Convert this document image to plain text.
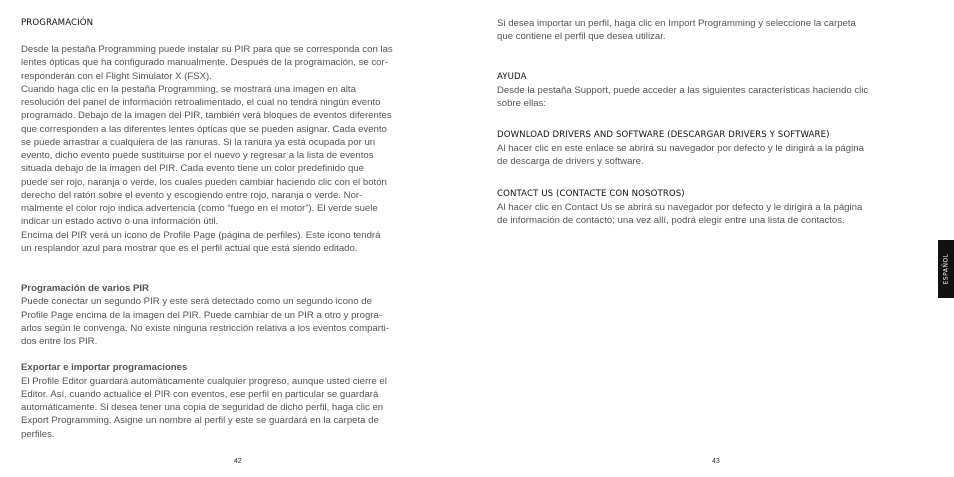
PROGRAMACIÓN

Desde la pestaña Programming puede instalar su PIR para que se corresponda con las
lentes ópticas que ha configurado manualmente. Después de la programación, se cor-
responderán con el Flight Simulator X (FSX).
Cuando haga clic en la pestaña Programming, se mostrará una imagen en alta
resolución del panel de información retroalimentado, el cual no tendrá ningún evento
programado. Debajo de la imagen del PIR, también verá bloques de eventos diferentes
que corresponden a las diferentes lentes ópticas que se pueden asignar. Cada evento
se puede arrastrar a cualquiera de las ranuras. Si la ranura ya está ocupada por un
evento, dicho evento puede sustituirse por el nuevo y regresar a la lista de eventos
situada debajo de la imagen del PIR. Cada evento tiene un color predefinido que
puede ser rojo, naranja o verde, los cuales pueden cambiar haciendo clic con el botón
derecho del ratón sobre el evento y escogiendo entre rojo, naranja o verde. Nor-
malmente el color rojo indica advertencia (como “fuego en el motor”). El verde suele
indicar un estado activo o una información útil.
Encima del PIR verá un icono de Profile Page (página de perfiles). Este icono tendrá
un resplandor azul para mostrar que es el perfil actual que está siendo editado.

Programación de varios PIR

Puede conectar un segundo PIR y este será detectado como un segundo icono de
Profile Page encima de la imagen del PIR. Puede cambiar de un PIR a otro y progra-
arlos según le convenga. No existe ninguna restricción relativa a los eventos comparti-
dos entre los PIR.

Exportar e importar programaciones

El Profile Editor guardará automáticamente cualquier progreso, aunque usted cierre el
Editor. Así, cuando actualice el PIR con eventos, ese perfil en particular se guardará
automáticamente. Si desea tener una copia de seguridad de dicho perfil, haga clic en
Export Programming. Asigne un nombre al perfil y este se guardará en la carpeta de
perfiles.

42

Si desea importar un perfil, haga clic en Import Programming y seleccione la carpeta
que contiene el perfil que desea utilizar.

AYUDA

Desde la pestaña Support, puede acceder a las siguientes características haciendo clic
sobre ellas:

DOWNLOAD DRIVERS AND SOFTWARE (DESCARGAR DRIVERS Y SOFTWARE)

Al hacer clic en este enlace se abrirá su navegador por defecto y le dirigirá a la página
de descarga de drivers y software.

CONTACT US (CONTACTE CON NOSOTROS)

Al hacer clic en Contact Us se abrirá su navegador por defecto y le dirigirá a la página
de información de contacto; una vez allí, podrá elegir entre una lista de contactos.

43
ESPAÑOL
